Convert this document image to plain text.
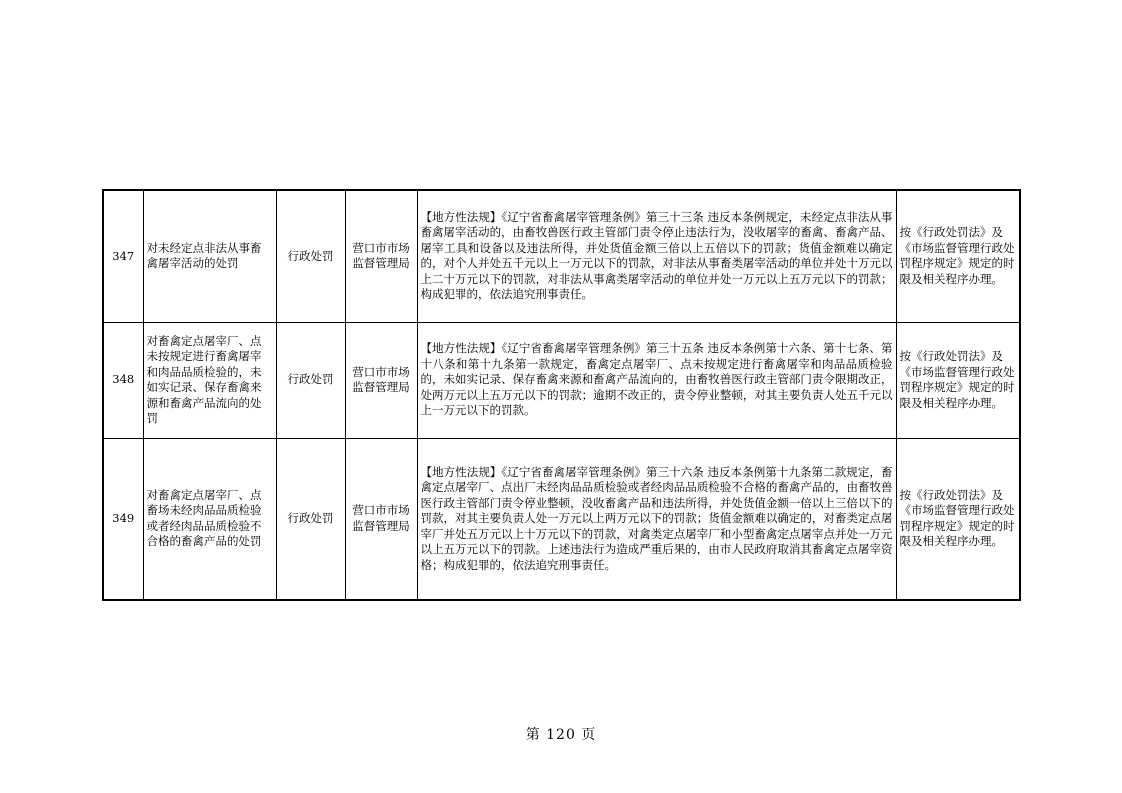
347	对未经定点非法从事畜禽屠宰活动的处罚	行政处罚	营口市市场监督管理局	【地方性法规】《辽宁省畜禽屠宰管理条例》第三十三条 违反本条例规定，未经定点非法从事畜禽屠宰活动的，由畜牧兽医行政主管部门责令停止违法行为，没收屠宰的畜禽、畜禽产品、屠宰工具和设备以及违法所得，并处货值金额三倍以上五倍以下的罚款；货值金额难以确定的，对个人并处五千元以上一万元以下的罚款，对非法从事畜类屠宰活动的单位并处十万元以上二十万元以下的罚款，对非法从事禽类屠宰活动的单位并处一万元以上五万元以下的罚款；构成犯罪的，依法追究刑事责任。	按《行政处罚法》及《市场监督管理行政处罚程序规定》规定的时限及相关程序办理。
348	对畜禽定点屠宰厂、点未按规定进行畜禽屠宰和肉品品质检验的，未如实记录、保存畜禽来源和畜禽产品流向的处罚	行政处罚	营口市市场监督管理局	【地方性法规】《辽宁省畜禽屠宰管理条例》第三十五条 违反本条例第十六条、第十七条、第十八条和第十九条第一款规定，畜禽定点屠宰厂、点未按规定进行畜禽屠宰和肉品品质检验的，未如实记录、保存畜禽来源和畜禽产品流向的，由畜牧兽医行政主管部门责令限期改正，处两万元以上五万元以下的罚款；逾期不改正的，责令停业整顿，对其主要负责人处五千元以上一万元以下的罚款。	按《行政处罚法》及《市场监督管理行政处罚程序规定》规定的时限及相关程序办理。
349	对畜禽定点屠宰厂、点畜场未经肉品品质检验或者经肉品品质检验不合格的畜禽产品的处罚	行政处罚	营口市市场监督管理局	【地方性法规】《辽宁省畜禽屠宰管理条例》第三十六条 违反本条例第十九条第二款规定，畜禽定点屠宰厂、点出厂未经肉品品质检验或者经肉品品质检验不合格的畜禽产品的，由畜牧兽医行政主管部门责令停业整顿，没收畜禽产品和违法所得，并处货值金额一倍以上三倍以下的罚款，对其主要负责人处一万元以上两万元以下的罚款；货值金额难以确定的，对畜类定点屠宰厂并处五万元以上十万元以下的罚款，对禽类定点屠宰厂和小型畜禽定点屠宰点并处一万元以上五万元以下的罚款。上述违法行为造成严重后果的，由市人民政府取消其畜禽定点屠宰资格；构成犯罪的，依法追究刑事责任。	按《行政处罚法》及《市场监督管理行政处罚程序规定》规定的时限及相关程序办理。
第 120 页
